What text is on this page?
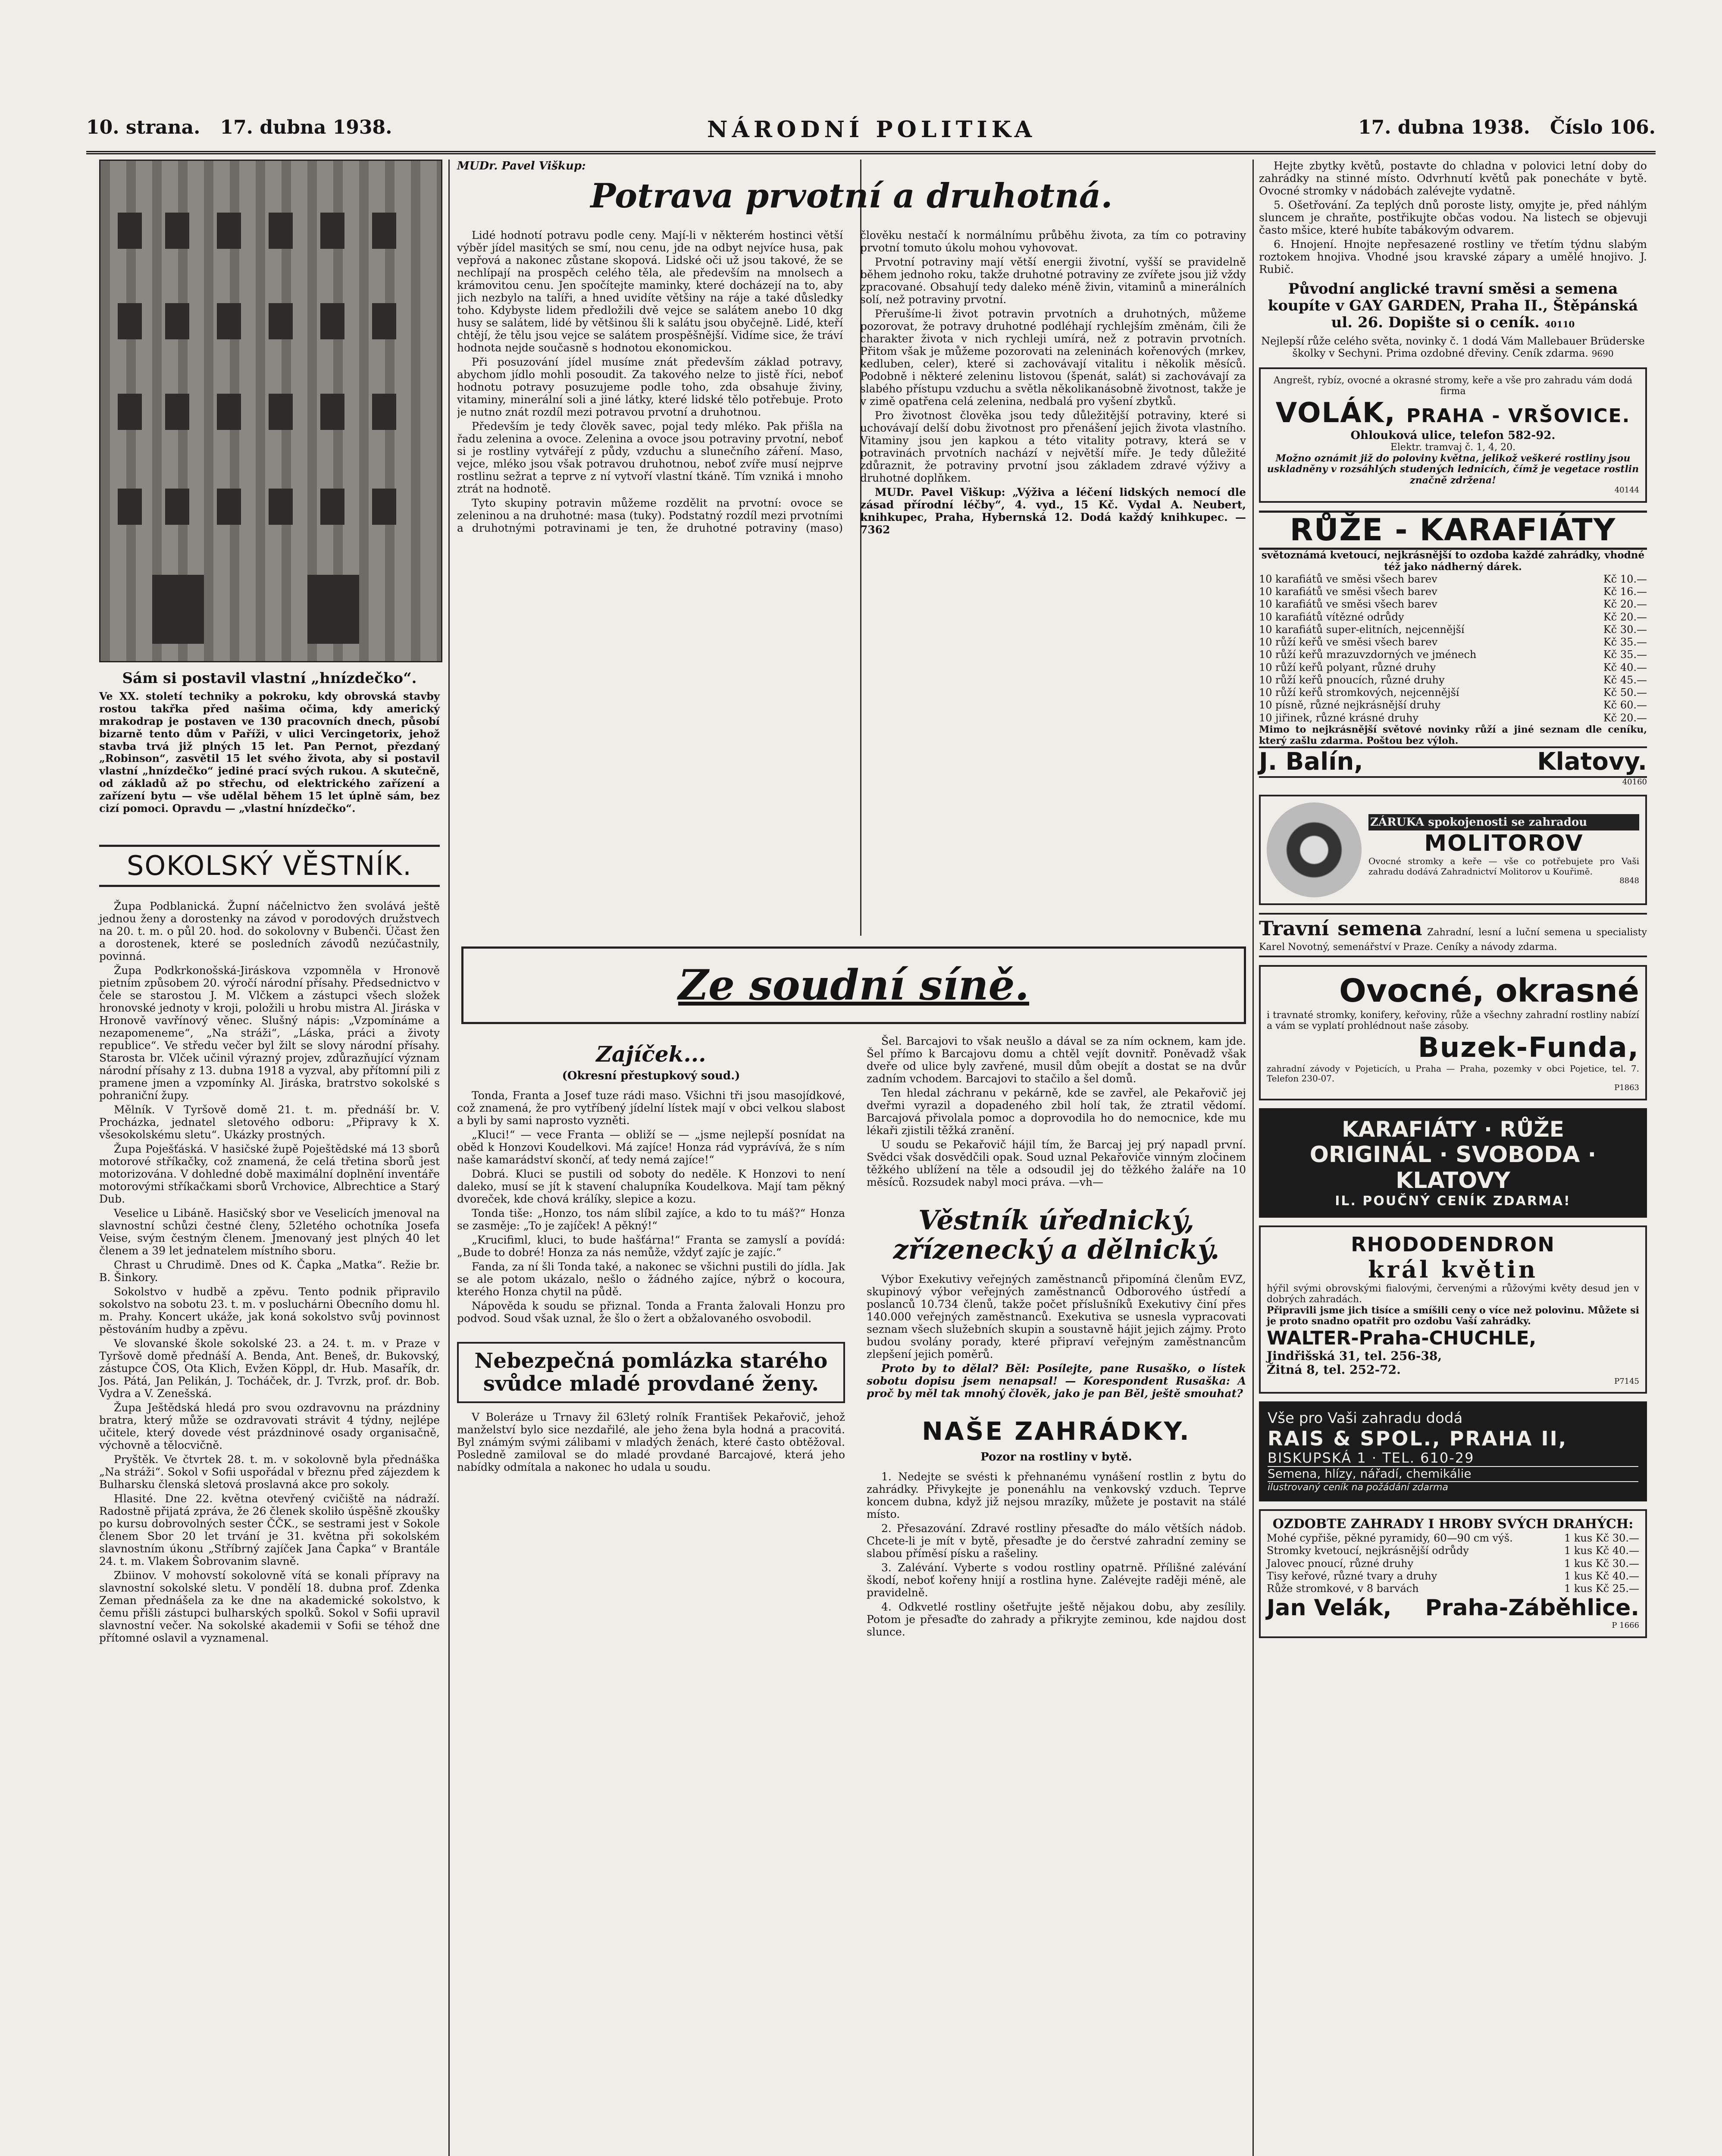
10. strana. 17. dubna 1938.	NÁRODNÍ POLITIKA	17. dubna 1938. Číslo 106.
Sám si postavil vlastní „hnízdečko“.
Ve XX. století techniky a pokroku, kdy obrovská stavby rostou takřka před našima očima, kdy americký mrakodrap je postaven ve 130 pracovních dnech, působí bizarně tento dům v Paříži, v ulici Vercingetorix, jehož stavba trvá již plných 15 let. Pan Pernot, přezdaný „Robinson“, zasvětil 15 let svého života, aby si postavil vlastní „hnízdečko“ jediné prací svých rukou. A skutečně, od základů až po střechu, od elektrického zařízení a zařízení bytu — vše udělal během 15 let úplně sám, bez cizí pomoci. Opravdu — „vlastní hnízdečko“.
SOKOLSKÝ VĚSTNÍK.

Župa Podblanická. Župní náčelnictvo žen svolává ještě jednou ženy a dorostenky na závod v porodových družstvech na 20. t. m. o půl 20. hod. do sokolovny v Bubenči. Účast žen a dorostenek, které se posledních závodů nezúčastnily, povinná.

Župa Podkrkonošská-Jiráskova vzpomněla v Hronově pietním způsobem 20. výročí národní přísahy. Předsednictvo v čele se starostou J. M. Vlčkem a zástupci všech složek hronovské jednoty v kroji, položili u hrobu mistra Al. Jiráska v Hronově vavřínový věnec. Slušný nápis: „Vzpomínáme a nezapomeneme“, „Na stráži“, „Láska, práci a životy republice“. Ve středu večer byl žilt se slovy národní přísahy. Starosta br. Vlček učinil výrazný projev, zdůrazňující význam národní přísahy z 13. dubna 1918 a vyzval, aby přítomní pili z pramene jmen a vzpomínky Al. Jiráska, bratrstvo sokolské s pohraniční župy.

Mělník. V Tyršově domě 21. t. m. přednáší br. V. Procházka, jednatel sletového odboru: „Připravy k X. všesokolskému sletu“. Ukázky prostných.

Župa Poješťáská. V hasičské župě Poještědské má 13 sborů motorové stříkačky, což znamená, že celá třetina sborů jest motorizována. V dohledné době maximální doplnění inventáře motorovými stříkačkami sborů Vrchovice, Albrechtice a Starý Dub.

Veselice u Libáně. Hasičský sbor ve Veselicích jmenoval na slavnostní schůzi čestné členy, 52letého ochotníka Josefa Veise, svým čestným členem. Jmenovaný jest plných 40 let členem a 39 let jednatelem místního sboru.

Chrast u Chrudimě. Dnes od K. Čapka „Matka“. Režie br. B. Šinkory.

Sokolstvo v hudbě a zpěvu. Tento podnik připravilo sokolstvo na sobotu 23. t. m. v posluchárni Obecního domu hl. m. Prahy. Koncert ukáže, jak koná sokolstvo svůj povinnost pěstováním hudby a zpěvu.

Ve slovanské škole sokolské 23. a 24. t. m. v Praze v Tyršově domě přednáší A. Benda, Ant. Beneš, dr. Bukovský, zástupce ČOS, Ota Klich, Evžen Köppl, dr. Hub. Masařík, dr. Jos. Pátá, Jan Pelikán, J. Tocháček, dr. J. Tvrzk, prof. dr. Bob. Vydra a V. Zenešská.

Župa Ještědská hledá pro svou ozdravovnu na prázdniny bratra, který může se ozdravovati strávit 4 týdny, nejlépe učitele, který dovede vést prázdninové osady organisačně, výchovně a tělocvičně.

Pryštěk. Ve čtvrtek 28. t. m. v sokolovně byla přednáška „Na stráži“. Sokol v Sofii uspořádal v březnu před zájezdem k Bulharsku členská sletová proslavná akce pro sokoly.

Hlasité. Dne 22. května otevřený cvičiště na nádraží. Radostně přijatá zpráva, že 26 členek skoliło úspěšně zkoušky po kursu dobrovolných sester ČČK., se sestrami jest v Sokole členem Sbor 20 let trvání je 31. května při sokolském slavnostním úkonu „Stříbrný zajíček Jana Čapka“ v Brantále 24. t. m. Vlakem Šobrovanim slavně.

Zbiinov. V mohovstí sokolovně vítá se konali přípravy na slavnostní sokolské sletu. V pondělí 18. dubna prof. Zdenka Zeman přednášela za ke dne na akademické sokolstvo, k čemu přišli zástupci bulharských spolků. Sokol v Sofii upravil slavnostní večer. Na sokolské akademii v Sofii se téhož dne přítomné oslavil a vyznamenal.

MUDr. Pavel Viškup:
Potrava prvotní a druhotná.

Lidé hodnotí potravu podle ceny. Mají-li v některém hostinci větší výběr jídel masitých se smí, nou cenu, jde na odbyt nejvíce husa, pak vepřová a nakonec zůstane skopová. Lidské oči už jsou takové, že se nechlípají na prospěch celého těla, ale především na mnolsech a krámovitou cenu. Jen spočítejte maminky, které docházejí na to, aby jich nezbylo na talíři, a hned uvidíte většiny na ráje a také důsledky toho. Kdybyste lidem předložili dvě vejce se salátem anebo 10 dkg husy se salátem, lidé by většinou šli k salátu jsou obyčejně. Lidé, kteří chtějí, že tělu jsou vejce se salátem prospěšnější. Vidíme sice, že tráví hodnota nejde současně s hodnotou ekonomickou.

Při posuzování jídel musíme znát především základ potravy, abychom jídlo mohli posoudit. Za takového nelze to jistě říci, neboť hodnotu potravy posuzujeme podle toho, zda obsahuje živiny, vitaminy, minerální soli a jiné látky, které lidské tělo potřebuje. Proto je nutno znát rozdíl mezi potravou prvotní a druhotnou.

Především je tedy člověk savec, pojal tedy mléko. Pak přišla na řadu zelenina a ovoce. Zelenina a ovoce jsou potraviny prvotní, neboť si je rostliny vytvářejí z půdy, vzduchu a slunečního záření. Maso, vejce, mléko jsou však potravou druhotnou, neboť zvíře musí nejprve rostlinu sežrat a teprve z ní vytvoří vlastní tkáně. Tím vzniká i mnoho ztrát na hodnotě.

Tyto skupiny potravin můžeme rozdělit na prvotní: ovoce se zeleninou a na druhotné: masa (tuky). Podstatný rozdíl mezi prvotními a druhotnými potravinami je ten, že druhotné potraviny (maso) člověku nestačí k normálnímu průběhu života, za tím co potraviny prvotní tomuto úkolu mohou vyhovovat.

Prvotní potraviny mají větší energii životní, vyšší se pravidelně během jednoho roku, takže druhotné potraviny ze zvířete jsou již vždy zpracované. Obsahují tedy daleko méně živin, vitaminů a minerálních solí, než potraviny prvotní.

Přerušíme-li život potravin prvotních a druhotných, můžeme pozorovat, že potravy druhotné podléhají rychlejším změnám, čili že charakter života v nich rychleji umírá, než z potravin prvotních. Přitom však je můžeme pozorovati na zeleninách kořenových (mrkev, kedluben, celer), které si zachovávají vitalitu i několik měsíců. Podobně i některé zeleninu listovou (špenát, salát) si zachovávají za slabého přístupu vzduchu a světla několikanásobně životnost, takže je v zimě opatřena celá zelenina, nedbalá pro vyšení zbytků.

Pro životnost člověka jsou tedy důležitější potraviny, které si uchovávají delší dobu životnost pro přenášení jejich života vlastního. Vitaminy jsou jen kapkou a této vitality potravy, která se v potravinách prvotních nachází v největší míře. Je tedy důležité zdůraznit, že potraviny prvotní jsou základem zdravé výživy a druhotné doplňkem.

MUDr. Pavel Viškup: „Výživa a léčení lidských nemocí dle zásad přírodní léčby“, 4. vyd., 15 Kč. Vydal A. Neubert, knihkupec, Praha, Hybernská 12. Dodá každý knihkupec. —7362

Ze soudní síně.
Zajíček...
(Okresní přestupkový soud.)

Tonda, Franta a Josef tuze rádi maso. Všichni tři jsou masojídkové, což znamená, že pro vytříbený jídelní lístek mají v obci velkou slabost a byli by sami naprosto vyzněti.

„Kluci!“ — vece Franta — obliží se — „jsme nejlepší posnídat na oběd k Honzovi Koudelkovi. Má zajíce! Honza rád vyprávívá, že s ním naše kamarádství skončí, ať tedy nemá zajíce!“

Dobrá. Kluci se pustili od soboty do neděle. K Honzovi to není daleko, musí se jít k stavení chalupníka Koudelkova. Mají tam pěkný dvoreček, kde chová králíky, slepice a kozu.

Tonda tiše: „Honzo, tos nám slíbil zajíce, a kdo to tu máš?“ Honza se zasměje: „To je zajíček! A pěkný!“

„Krucifiml, kluci, to bude hašťárna!“ Franta se zamyslí a povídá: „Bude to dobré! Honza za nás nemůže, vždyť zajíc je zajíc.“

Fanda, za ní šli Tonda také, a nakonec se všichni pustili do jídla. Jak se ale potom ukázalo, nešlo o žádného zajíce, nýbrž o kocoura, kterého Honza chytil na půdě.

Nápověda k soudu se přiznal. Tonda a Franta žalovali Honzu pro podvod. Soud však uznal, že šlo o žert a obžalovaného osvobodil.

Nebezpečná pomlázka starého svůdce mladé provdané ženy.

V Boleráze u Trnavy žil 63letý rolník František Pekařovič, jehož manželství bylo sice nezdařilé, ale jeho žena byla hodná a pracovitá. Byl známým svými zálibami v mladých ženách, které často obtěžoval. Posledně zamiloval se do mladé provdané Barcajové, která jeho nabídky odmítala a nakonec ho udala u soudu.

Šel. Barcajovi to však neušlo a dával se za ním ocknem, kam jde. Šel přímo k Barcajovu domu a chtěl vejít dovnitř. Poněvadž však dveře od ulice byly zavřené, musil dům obejít a dostat se na dvůr zadním vchodem. Barcajovi to stačilo a šel domů.

Ten hledal záchranu v pekárně, kde se zavřel, ale Pekařovič jej dveřmi vyrazil a dopadeného zbil holí tak, že ztratil vědomí. Barcajová přivolala pomoc a doprovodila ho do nemocnice, kde mu lékaři zjistili těžká zranění.

U soudu se Pekařovič hájil tím, že Barcaj jej prý napadl první. Svědci však dosvědčili opak. Soud uznal Pekařoviče vinným zločinem těžkého ublížení na těle a odsoudil jej do těžkého žaláře na 10 měsíců. Rozsudek nabyl moci práva. —vh—

Věstník úřednický, zřízenecký a dělnický.

Výbor Exekutivy veřejných zaměstnanců připomíná členům EVZ, skupinový výbor veřejných zaměstnanců Odborového ústředí a poslanců 10.734 členů, takže počet příslušníků Exekutivy činí přes 140.000 veřejných zaměstnanců. Exekutiva se usnesla vypracovati seznam všech služebních skupin a soustavně hájit jejich zájmy. Proto budou svolány porady, které připraví veřejným zaměstnancům zlepšení jejich poměrů.

Proto by to dělal? Běl: Posílejte, pane Rusaško, o lístek sobotu dopisu jsem nenapsal! — Korespondent Rusaška: A proč by měl tak mnohý člověk, jako je pan Běl, ještě smouhat?

NAŠE ZAHRÁDKY.
Pozor na rostliny v bytě.

1. Nedejte se svésti k přehnanému vynášení rostlin z bytu do zahrádky. Přivykejte je ponenáhlu na venkovský vzduch. Teprve koncem dubna, když již nejsou mrazíky, můžete je postavit na stálé místo.

2. Přesazování. Zdravé rostliny přesaďte do málo větších nádob. Chcete-li je mít v bytě, přesaďte je do čerstvé zahradní zeminy se slabou příměsí písku a rašeliny.

3. Zalévání. Vyberte s vodou rostliny opatrně. Přílišné zalévání škodí, neboť kořeny hnijí a rostlina hyne. Zalévejte raději méně, ale pravidelně.

4. Odkvetlé rostliny ošetřujte ještě nějakou dobu, aby zesílily. Potom je přesaďte do zahrady a přikryjte zeminou, kde najdou dost slunce.

Hejte zbytky květů, postavte do chladna v polovici letní doby do zahrádky na stinné místo. Odvrhnutí květů pak ponecháte v bytě. Ovocné stromky v nádobách zalévejte vydatně.

5. Ošetřování. Za teplých dnů poroste listy, omyjte je, před náhlým sluncem je chraňte, postřikujte občas vodou. Na listech se objevuji často mšice, které hubíte tabákovým odvarem.

6. Hnojení. Hnojte nepřesazené rostliny ve třetím týdnu slabým roztokem hnojiva. Vhodné jsou kravské zápary a umělé hnojivo. J. Rubič.

Původní anglické travní směsi a semena koupíte v GAY GARDEN, Praha II., Štěpánská ul. 26. Dopište si o ceník. 40110
Nejlepší růže celého světa, novinky č. 1 dodá Vám Mallebauer Brüderske školky v Sechyni. Prima ozdobné dřeviny. Ceník zdarma. 9690
Angrešt, rybíz, ovocné a okrasné stromy, keře a vše pro zahradu vám dodá firma
VOLÁK, PRAHA - VRŠOVICE.
Ohlouková ulice, telefon 582-92.
Elektr. tramvaj č. 1, 4, 20.
Možno oznámit již do poloviny května, jelikož veškeré rostliny jsou uskladněny v rozsáhlých studených lednicích, čímž je vegetace rostlin značně zdržena!
40144
RŮŽE - KARAFIÁTY
světoznámá kvetoucí, nejkrásnější to ozdoba každé zahrádky, vhodné též jako nádherný dárek.
10 karafiátů ve směsi všech barev	Kč 10.—
10 karafiátů ve směsi všech barev	Kč 16.—
10 karafiátů ve směsi všech barev	Kč 20.—
10 karafiátů vítězné odrůdy	Kč 20.—
10 karafiátů super-elitních, nejcennější	Kč 30.—
10 růží keřů ve směsi všech barev	Kč 35.—
10 růží keřů mrazuvzdorných ve jménech	Kč 35.—
10 růží keřů polyant, různé druhy	Kč 40.—
10 růží keřů pnoucích, různé druhy	Kč 45.—
10 růží keřů stromkových, nejcennější	Kč 50.—
10 písně, různé nejkrásnější druhy	Kč 60.—
10 jiřinek, různé krásné druhy	Kč 20.—
Mimo to nejkrásnější světové novinky růží a jiné seznam dle ceníku, který zašlu zdarma. Poštou bez výloh.
J. Balín,	Klatovy.
40160
ZÁRUKA spokojenosti se zahradou
MOLITOROV
Ovocné stromky a keře — vše co potřebujete pro Vaši zahradu dodává Zahradnictví Molitorov u Kouřimě.
8848
Travní semena Zahradní, lesní a luční semena u specialisty Karel Novotný, semenářství v Praze. Ceníky a návody zdarma.
Ovocné, okrasné
i travnaté stromky, konifery, keřoviny, růže a všechny zahradní rostliny nabízí a vám se vyplatí prohlédnout naše zásoby.
Buzek-Funda,
zahradní závody v Pojeticích, u Praha — Praha, pozemky v obci Pojetice, tel. 7. Telefon 230-07.
P1863
KARAFIÁTY · RŮŽE
ORIGINÁL · SVOBODA · KLATOVY
IL. POUČNÝ CENÍK ZDARMA!
RHODODENDRON
král květin
hýřil svými obrovskými fialovými, červenými a růžovými květy desud jen v dobrých zahradách.
Připravili jsme jich tisíce a smíšili ceny o více než polovinu. Můžete si je proto snadno opatřit pro ozdobu Vaší zahrádky.
WALTER-Praha-CHUCHLE,
Jindřišská 31, tel. 256-38,
Žitná 8, tel. 252-72.
P7145
Vše pro Vaši zahradu dodá
RAIS & SPOL., PRAHA II,
BISKUPSKÁ 1 · TEL. 610-29
Semena, hlízy, nářadí, chemikálie
ilustrovaný ceník na požádání zdarma
OZDOBTE ZAHRADY I HROBY SVÝCH DRAHÝCH:
Mohé cypřiše, pěkné pyramidy, 60—90 cm výš.	1 kus Kč 30.—
Stromky kvetoucí, nejkrásnější odrůdy	1 kus Kč 40.—
Jalovec pnoucí, různé druhy	1 kus Kč 30.—
Tisy keřové, různé tvary a druhy	1 kus Kč 40.—
Růže stromkové, v 8 barvách	1 kus Kč 25.—
Jan Velák, Praha-Záběhlice.
P 1666
